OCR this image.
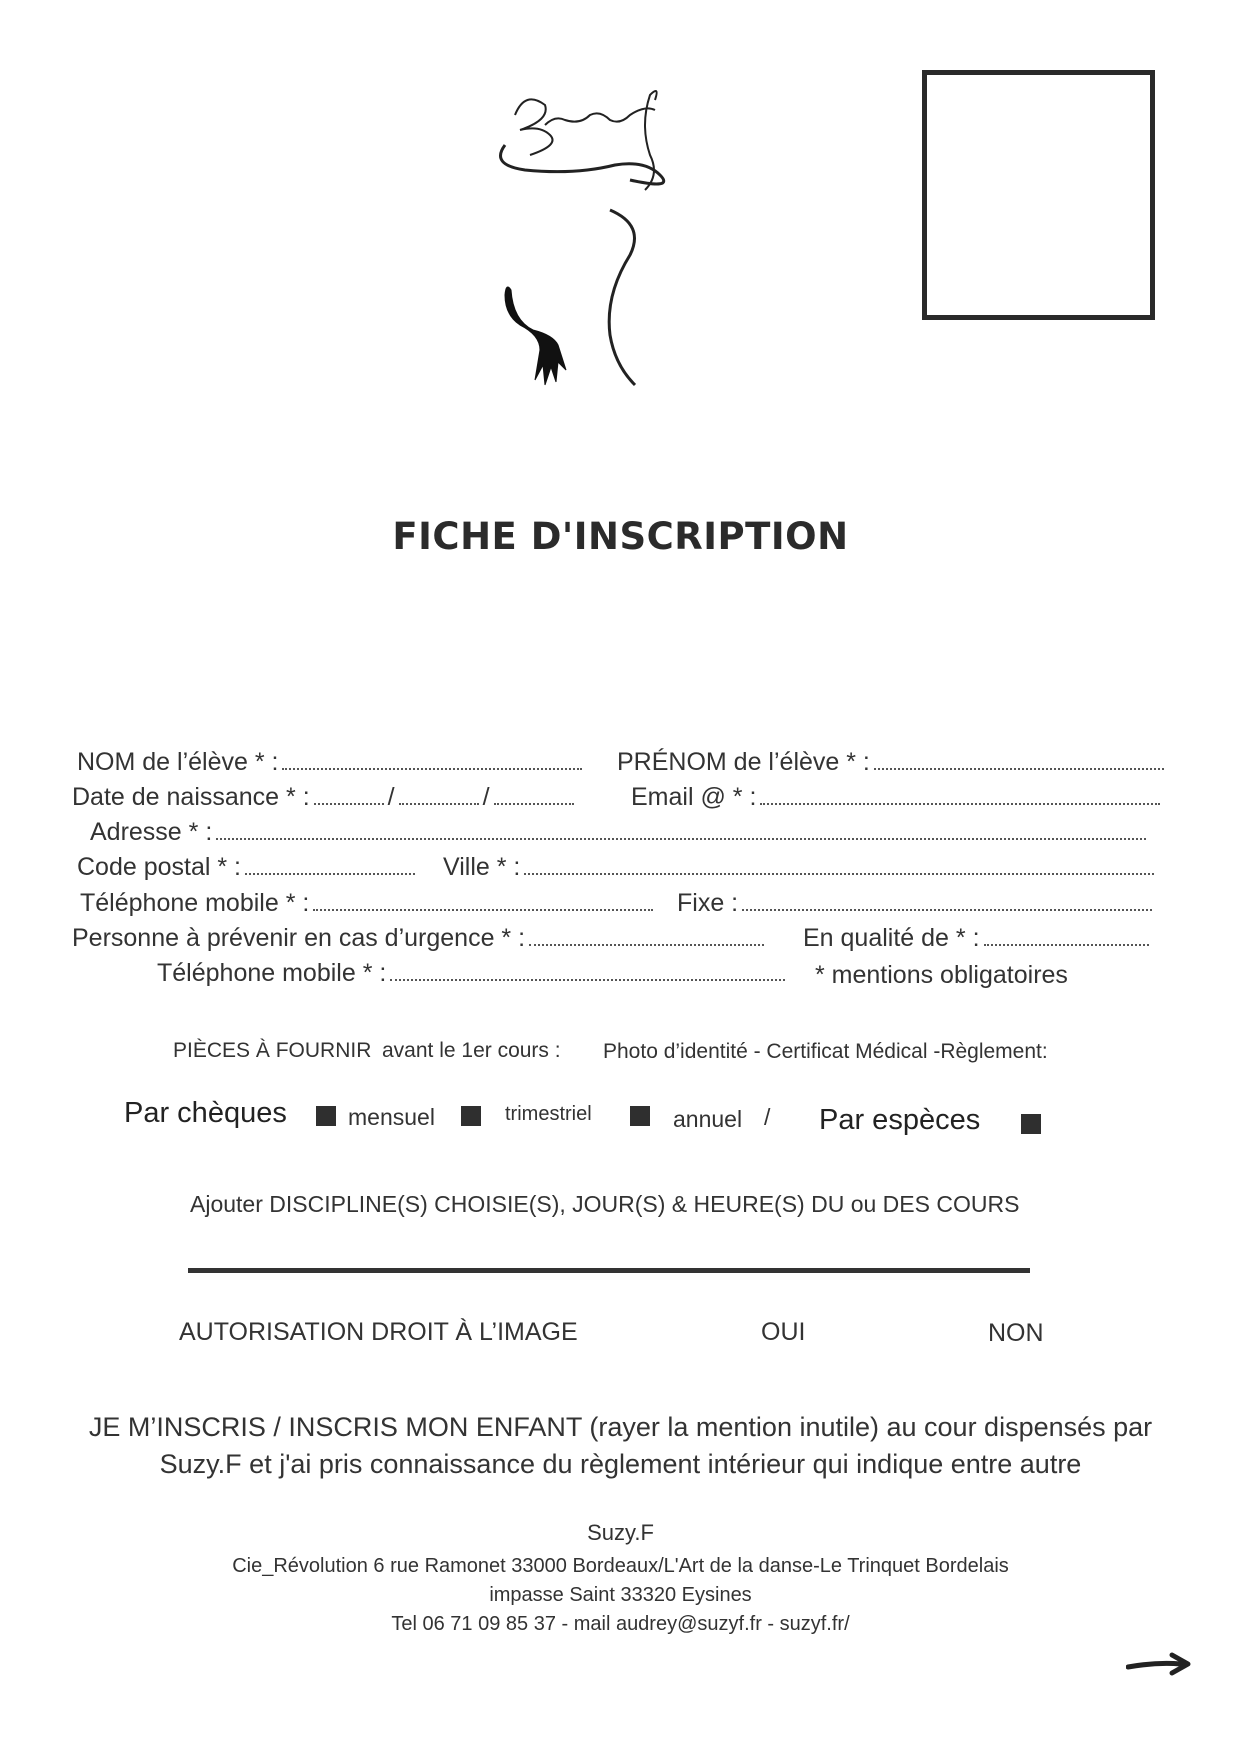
FICHE D'INSCRIPTION
NOM de l’élève * :	PRÉNOM de l’élève * :
Date de naissance * :	/	/	Email @ * :
Adresse * :
Code postal * :	Ville * :
Téléphone mobile * :	Fixe :
Personne à prévenir en cas d’urgence * :	En qualité de * :
Téléphone mobile * :	* mentions obligatoires
PIÈCES À FOURNIR avant le 1er cours : Photo d’identité - Certificat Médical -Règlement:
Par chèques	mensuel	trimestriel	annuel / Par espèces
Ajouter DISCIPLINE(S) CHOISIE(S), JOUR(S) & HEURE(S) DU ou DES COURS
AUTORISATION DROIT À L’IMAGE	OUI	NON
JE M’INSCRIS / INSCRIS MON ENFANT (rayer la mention inutile) au cour dispensés par
Suzy.F et j'ai pris connaissance du règlement intérieur qui indique entre autre
Suzy.F
Cie_Révolution 6 rue Ramonet 33000 Bordeaux/L'Art de la danse-Le Trinquet Bordelais
impasse Saint 33320 Eysines
Tel 06 71 09 85 37 - mail audrey@suzyf.fr - suzyf.fr/
